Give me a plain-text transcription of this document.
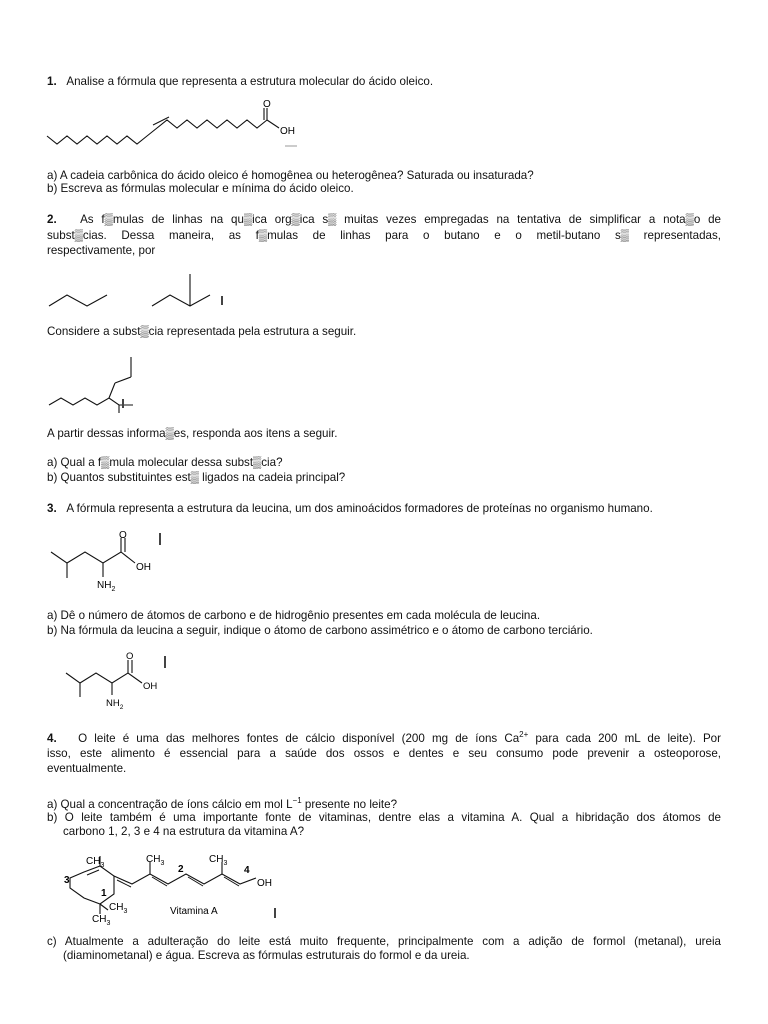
1. Analise a fórmula que representa a estrutura molecular do ácido oleico.
O
OH
a) A cadeia carbônica do ácido oleico é homogênea ou heterogênea? Saturada ou insaturada?
b) Escreva as fórmulas molecular e mínima do ácido oleico.
2. As f▒mulas de linhas na qu▒ica org▒ica s▒ muitas vezes empregadas na tentativa de simplificar a nota▒o de
subst▒cias. Dessa maneira, as f▒mulas de linhas para o butano e o metil-butano s▒ representadas,
respectivamente, por
Considere a subst▒cia representada pela estrutura a seguir.
A partir dessas informa▒es, responda aos itens a seguir.
a) Qual a f▒mula molecular dessa subst▒cia?
b) Quantos substituintes est▒ ligados na cadeia principal?
3. A fórmula representa a estrutura da leucina, um dos aminoácidos formadores de proteínas no organismo humano.
O
OH
$NH_2$
a) Dê o número de átomos de carbono e de hidrogênio presentes em cada molécula de leucina.
b) Na fórmula da leucina a seguir, indique o átomo de carbono assimétrico e o átomo de carbono terciário.
O
OH
$NH_2$
4. O leite é uma das melhores fontes de cálcio disponível (200 mg de íons $Ca^{2+}$ para cada 200 mL de leite). Por
isso, este alimento é essencial para a saúde dos ossos e dentes e seu consumo pode prevenir a osteoporose,
eventualmente.
a) Qual a concentração de íons cálcio em mol $L^{-1}$ presente no leite?
b) O leite também é uma importante fonte de vitaminas, dentre elas a vitamina A. Qual a hibridação dos átomos de
carbono 1, 2, 3 e 4 na estrutura da vitamina A?
$CH_3$
$CH_3$	$CH_3$
$CH_3$
$CH_3$
1
2
3
4
OH
Vitamina A
c) Atualmente a adulteração do leite está muito frequente, principalmente com a adição de formol (metanal), ureia
(diaminometanal) e água. Escreva as fórmulas estruturais do formol e da ureia.
